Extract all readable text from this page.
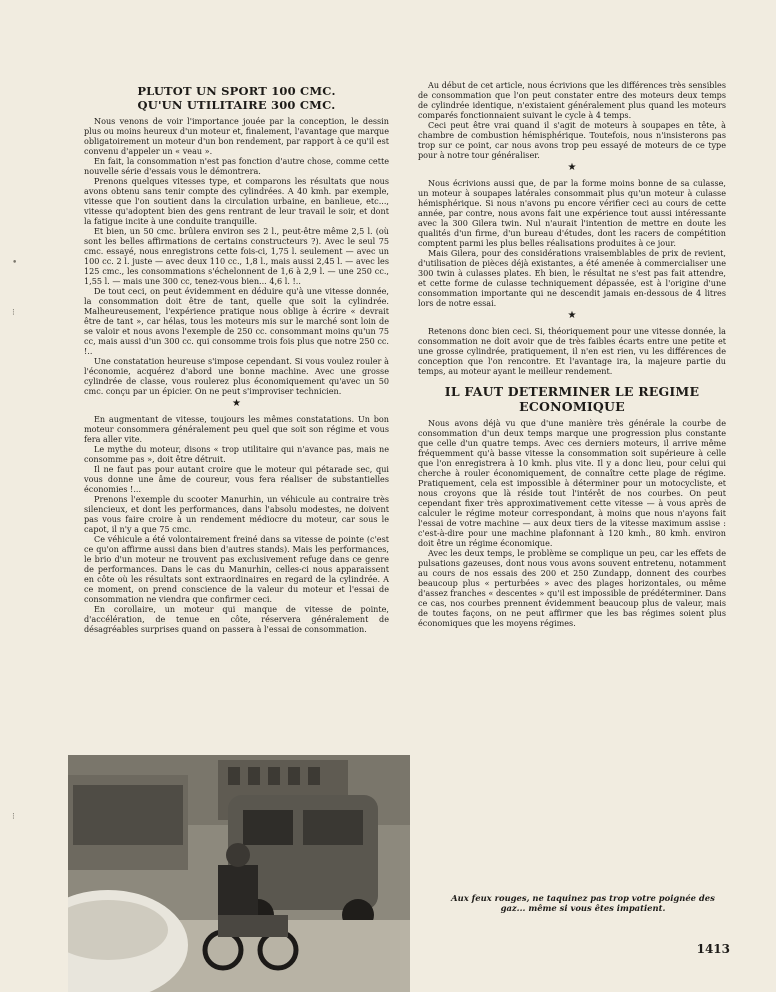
PLUTOT UN SPORT 100 CMC.
QU'UN UTILITAIRE 300 CMC.

Nous venons de voir l'importance jouée par la conception, le dessin plus ou moins heureux d'un moteur et, finalement, l'avantage que marque obligatoirement un moteur d'un bon rendement, par rapport à ce qu'il est convenu d'appeler un « veau ».

En fait, la consommation n'est pas fonction d'autre chose, comme cette nouvelle série d'essais vous le démontrera.

Prenons quelques vitesses type, et comparons les résultats que nous avons obtenu sans tenir compte des cylindrées. A 40 kmh. par exemple, vitesse que l'on soutient dans la circulation urbaine, en banlieue, etc..., vitesse qu'adoptent bien des gens rentrant de leur travail le soir, et dont la fatigue incite à une conduite tranquille.

Et bien, un 50 cmc. brûlera environ ses 2 l., peut-être même 2,5 l. (où sont les belles affirmations de certains constructeurs ?). Avec le seul 75 cmc. essayé, nous enregistrons cette fois-ci, 1,75 l. seulement — avec un 100 cc. 2 l. juste — avec deux 110 cc., 1,8 l., mais aussi 2,45 l. — avec les 125 cmc., les consommations s'échelonnent de 1,6 à 2,9 l. — une 250 cc., 1,55 l. — mais une 300 cc, tenez-vous bien... 4,6 l. !..

De tout ceci, on peut évidemment en déduire qu'à une vitesse donnée, la consommation doit être de tant, quelle que soit la cylindrée. Malheureusement, l'expérience pratique nous oblige à écrire « devrait être de tant », car hélas, tous les moteurs mis sur le marché sont loin de se valoir et nous avons l'exemple de 250 cc. consommant moins qu'un 75 cc, mais aussi d'un 300 cc. qui consomme trois fois plus que notre 250 cc. !..

Une constatation heureuse s'impose cependant. Si vous voulez rouler à l'économie, acquérez d'abord une bonne machine. Avec une grosse cylindrée de classe, vous roulerez plus économiquement qu'avec un 50 cmc. conçu par un épicier. On ne peut s'improviser technicien.

★

En augmentant de vitesse, toujours les mêmes constatations. Un bon moteur consommera généralement peu quel que soit son régime et vous fera aller vite.

Le mythe du moteur, disons « trop utilitaire qui n'avance pas, mais ne consomme pas », doit être détruit.

Il ne faut pas pour autant croire que le moteur qui pétarade sec, qui vous donne une âme de coureur, vous fera réaliser de substantielles économies !...

Prenons l'exemple du scooter Manurhin, un véhicule au contraire très silencieux, et dont les performances, dans l'absolu modestes, ne doivent pas vous faire croire à un rendement médiocre du moteur, car sous le capot, il n'y a que 75 cmc.

Ce véhicule a été volontairement freiné dans sa vitesse de pointe (c'est ce qu'on affirme aussi dans bien d'autres stands). Mais les performances, le brio d'un moteur ne trouvent pas exclusivement refuge dans ce genre de performances. Dans le cas du Manurhin, celles-ci nous apparaissent en côte où les résultats sont extraordinaires en regard de la cylindrée. A ce moment, on prend conscience de la valeur du moteur et l'essai de consommation ne viendra que confirmer ceci.

En corollaire, un moteur qui manque de vitesse de pointe, d'accélération, de tenue en côte, réservera généralement de désagréables surprises quand on passera à l'essai de consommation.

Au début de cet article, nous écrivions que les différences très sensibles de consommation que l'on peut constater entre des moteurs deux temps de cylindrée identique, n'existaient généralement plus quand les moteurs comparés fonctionnaient suivant le cycle à 4 temps.

Ceci peut être vrai quand il s'agit de moteurs à soupapes en tête, à chambre de combustion hémisphérique. Toutefois, nous n'insisterons pas trop sur ce point, car nous avons trop peu essayé de moteurs de ce type pour à notre tour généraliser.

★

Nous écrivions aussi que, de par la forme moins bonne de sa culasse, un moteur à soupapes latérales consommait plus qu'un moteur à culasse hémisphérique. Si nous n'avons pu encore vérifier ceci au cours de cette année, par contre, nous avons fait une expérience tout aussi intéressante avec la 300 Gilera twin. Nul n'aurait l'intention de mettre en doute les qualités d'un firme, d'un bureau d'études, dont les racers de compétition comptent parmi les plus belles réalisations produites à ce jour.

Mais Gilera, pour des considérations vraisemblables de prix de revient, d'utilisation de pièces déjà existantes, a été amenée à commercialiser une 300 twin à culasses plates. Eh bien, le résultat ne s'est pas fait attendre, et cette forme de culasse techniquement dépassée, est à l'origine d'une consommation importante qui ne descendit jamais en-dessous de 4 litres lors de notre essai.

★

Retenons donc bien ceci. Si, théoriquement pour une vitesse donnée, la consommation ne doit avoir que de très faibles écarts entre une petite et une grosse cylindrée, pratiquement, il n'en est rien, vu les différences de conception que l'on rencontre. Et l'avantage ira, la majeure partie du temps, au moteur ayant le meilleur rendement.

IL FAUT DETERMINER LE REGIME
ECONOMIQUE

Nous avons déjà vu que d'une manière très générale la courbe de consommation d'un deux temps marque une progression plus constante que celle d'un quatre temps. Avec ces derniers moteurs, il arrive même fréquemment qu'à basse vitesse la consommation soit supérieure à celle que l'on enregistrera à 10 kmh. plus vite. Il y a donc lieu, pour celui qui cherche à rouler économiquement, de connaître cette plage de régime. Pratiquement, cela est impossible à déterminer pour un motocycliste, et nous croyons que là réside tout l'intérêt de nos courbes. On peut cependant fixer très approximativement cette vitesse — à vous après de calculer le régime moteur correspondant, à moins que nous n'ayons fait l'essai de votre machine — aux deux tiers de la vitesse maximum assise : c'est-à-dire pour une machine plafonnant à 120 kmh., 80 kmh. environ doit être un régime économique.

Avec les deux temps, le problème se complique un peu, car les effets de pulsations gazeuses, dont nous vous avons souvent entretenu, notamment au cours de nos essais des 200 et 250 Zundapp, donnent des courbes beaucoup plus « perturbées » avec des plages horizontales, ou même d'assez franches « descentes » qu'il est impossible de prédéterminer. Dans ce cas, nos courbes prennent évidemment beaucoup plus de valeur, mais de toutes façons, on ne peut affirmer que les bas régimes soient plus économiques que les moyens régimes.

Aux feux rouges, ne taquinez pas trop votre poignée des gaz... même si vous êtes impatient.
1413
•
⁝
⁝
